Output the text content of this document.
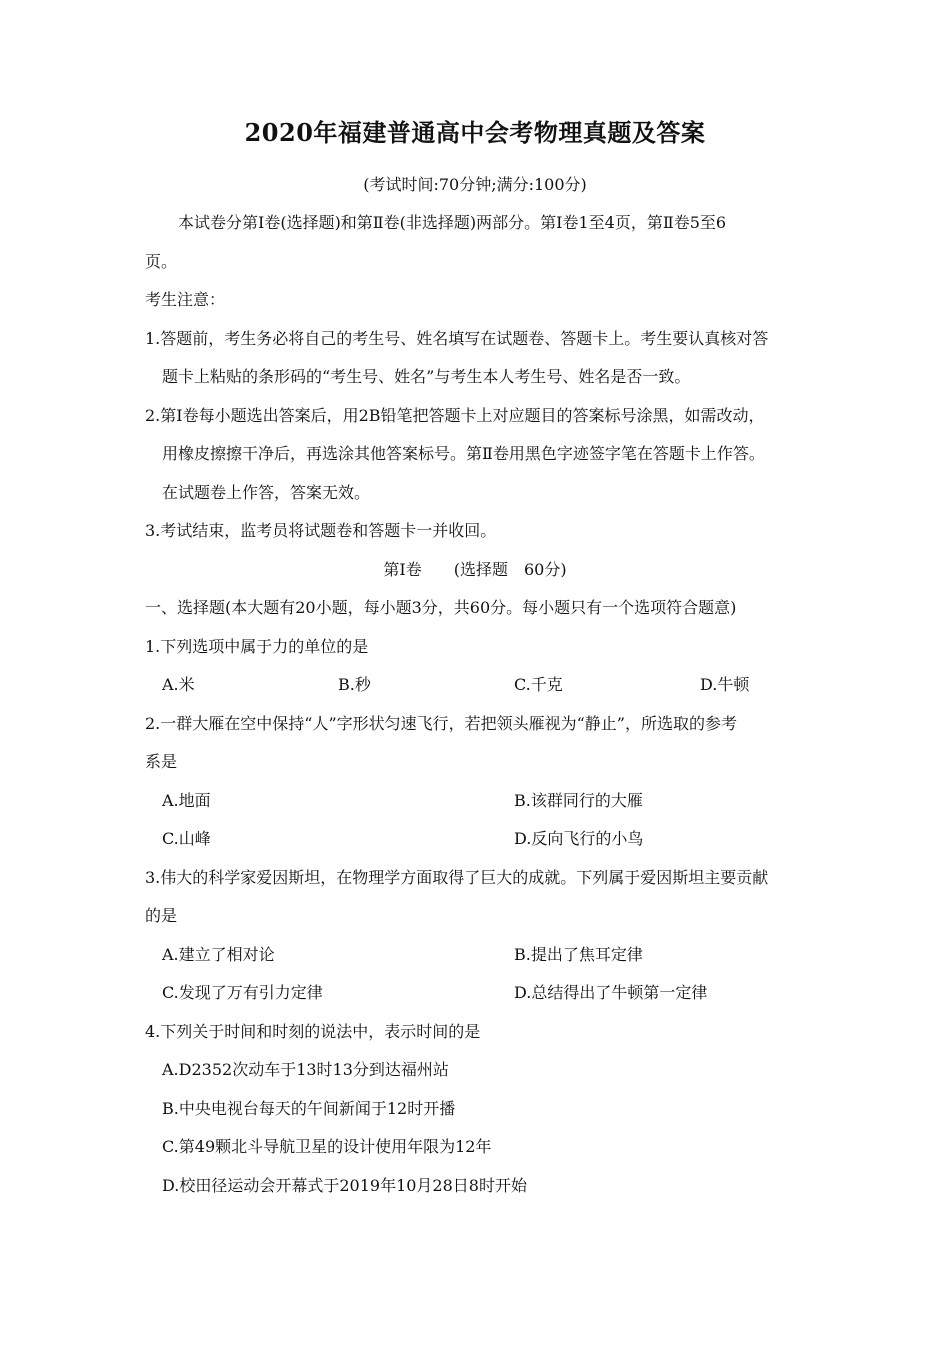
2020年福建普通高中会考物理真题及答案
(考试时间:70分钟;满分:100分)
本试卷分第Ⅰ卷(选择题)和第Ⅱ卷(非选择题)两部分。第Ⅰ卷1至4页，第Ⅱ卷5至6
页。
考生注意：
1.答题前，考生务必将自己的考生号、姓名填写在试题卷、答题卡上。考生要认真核对答
题卡上粘贴的条形码的“考生号、姓名”与考生本人考生号、姓名是否一致。
2.第Ⅰ卷每小题选出答案后，用2B铅笔把答题卡上对应题目的答案标号涂黑，如需改动，
用橡皮擦擦干净后，再选涂其他答案标号。第Ⅱ卷用黑色字迹签字笔在答题卡上作答。
在试题卷上作答，答案无效。
3.考试结束，监考员将试题卷和答题卡一并收回。
第Ⅰ卷　　(选择题　60分)
一、选择题(本大题有20小题，每小题3分，共60分。每小题只有一个选项符合题意)
1.下列选项中属于力的单位的是
A.米	B.秒	C.千克	D.牛顿
2.一群大雁在空中保持“人”字形状匀速飞行，若把领头雁视为“静止”，所选取的参考
系是
A.地面	B.该群同行的大雁
C.山峰	D.反向飞行的小鸟
3.伟大的科学家爱因斯坦，在物理学方面取得了巨大的成就。下列属于爱因斯坦主要贡献
的是
A.建立了相对论	B.提出了焦耳定律
C.发现了万有引力定律	D.总结得出了牛顿第一定律
4.下列关于时间和时刻的说法中，表示时间的是
A.D2352次动车于13时13分到达福州站
B.中央电视台每天的午间新闻于12时开播
C.第49颗北斗导航卫星的设计使用年限为12年
D.校田径运动会开幕式于2019年10月28日8时开始
